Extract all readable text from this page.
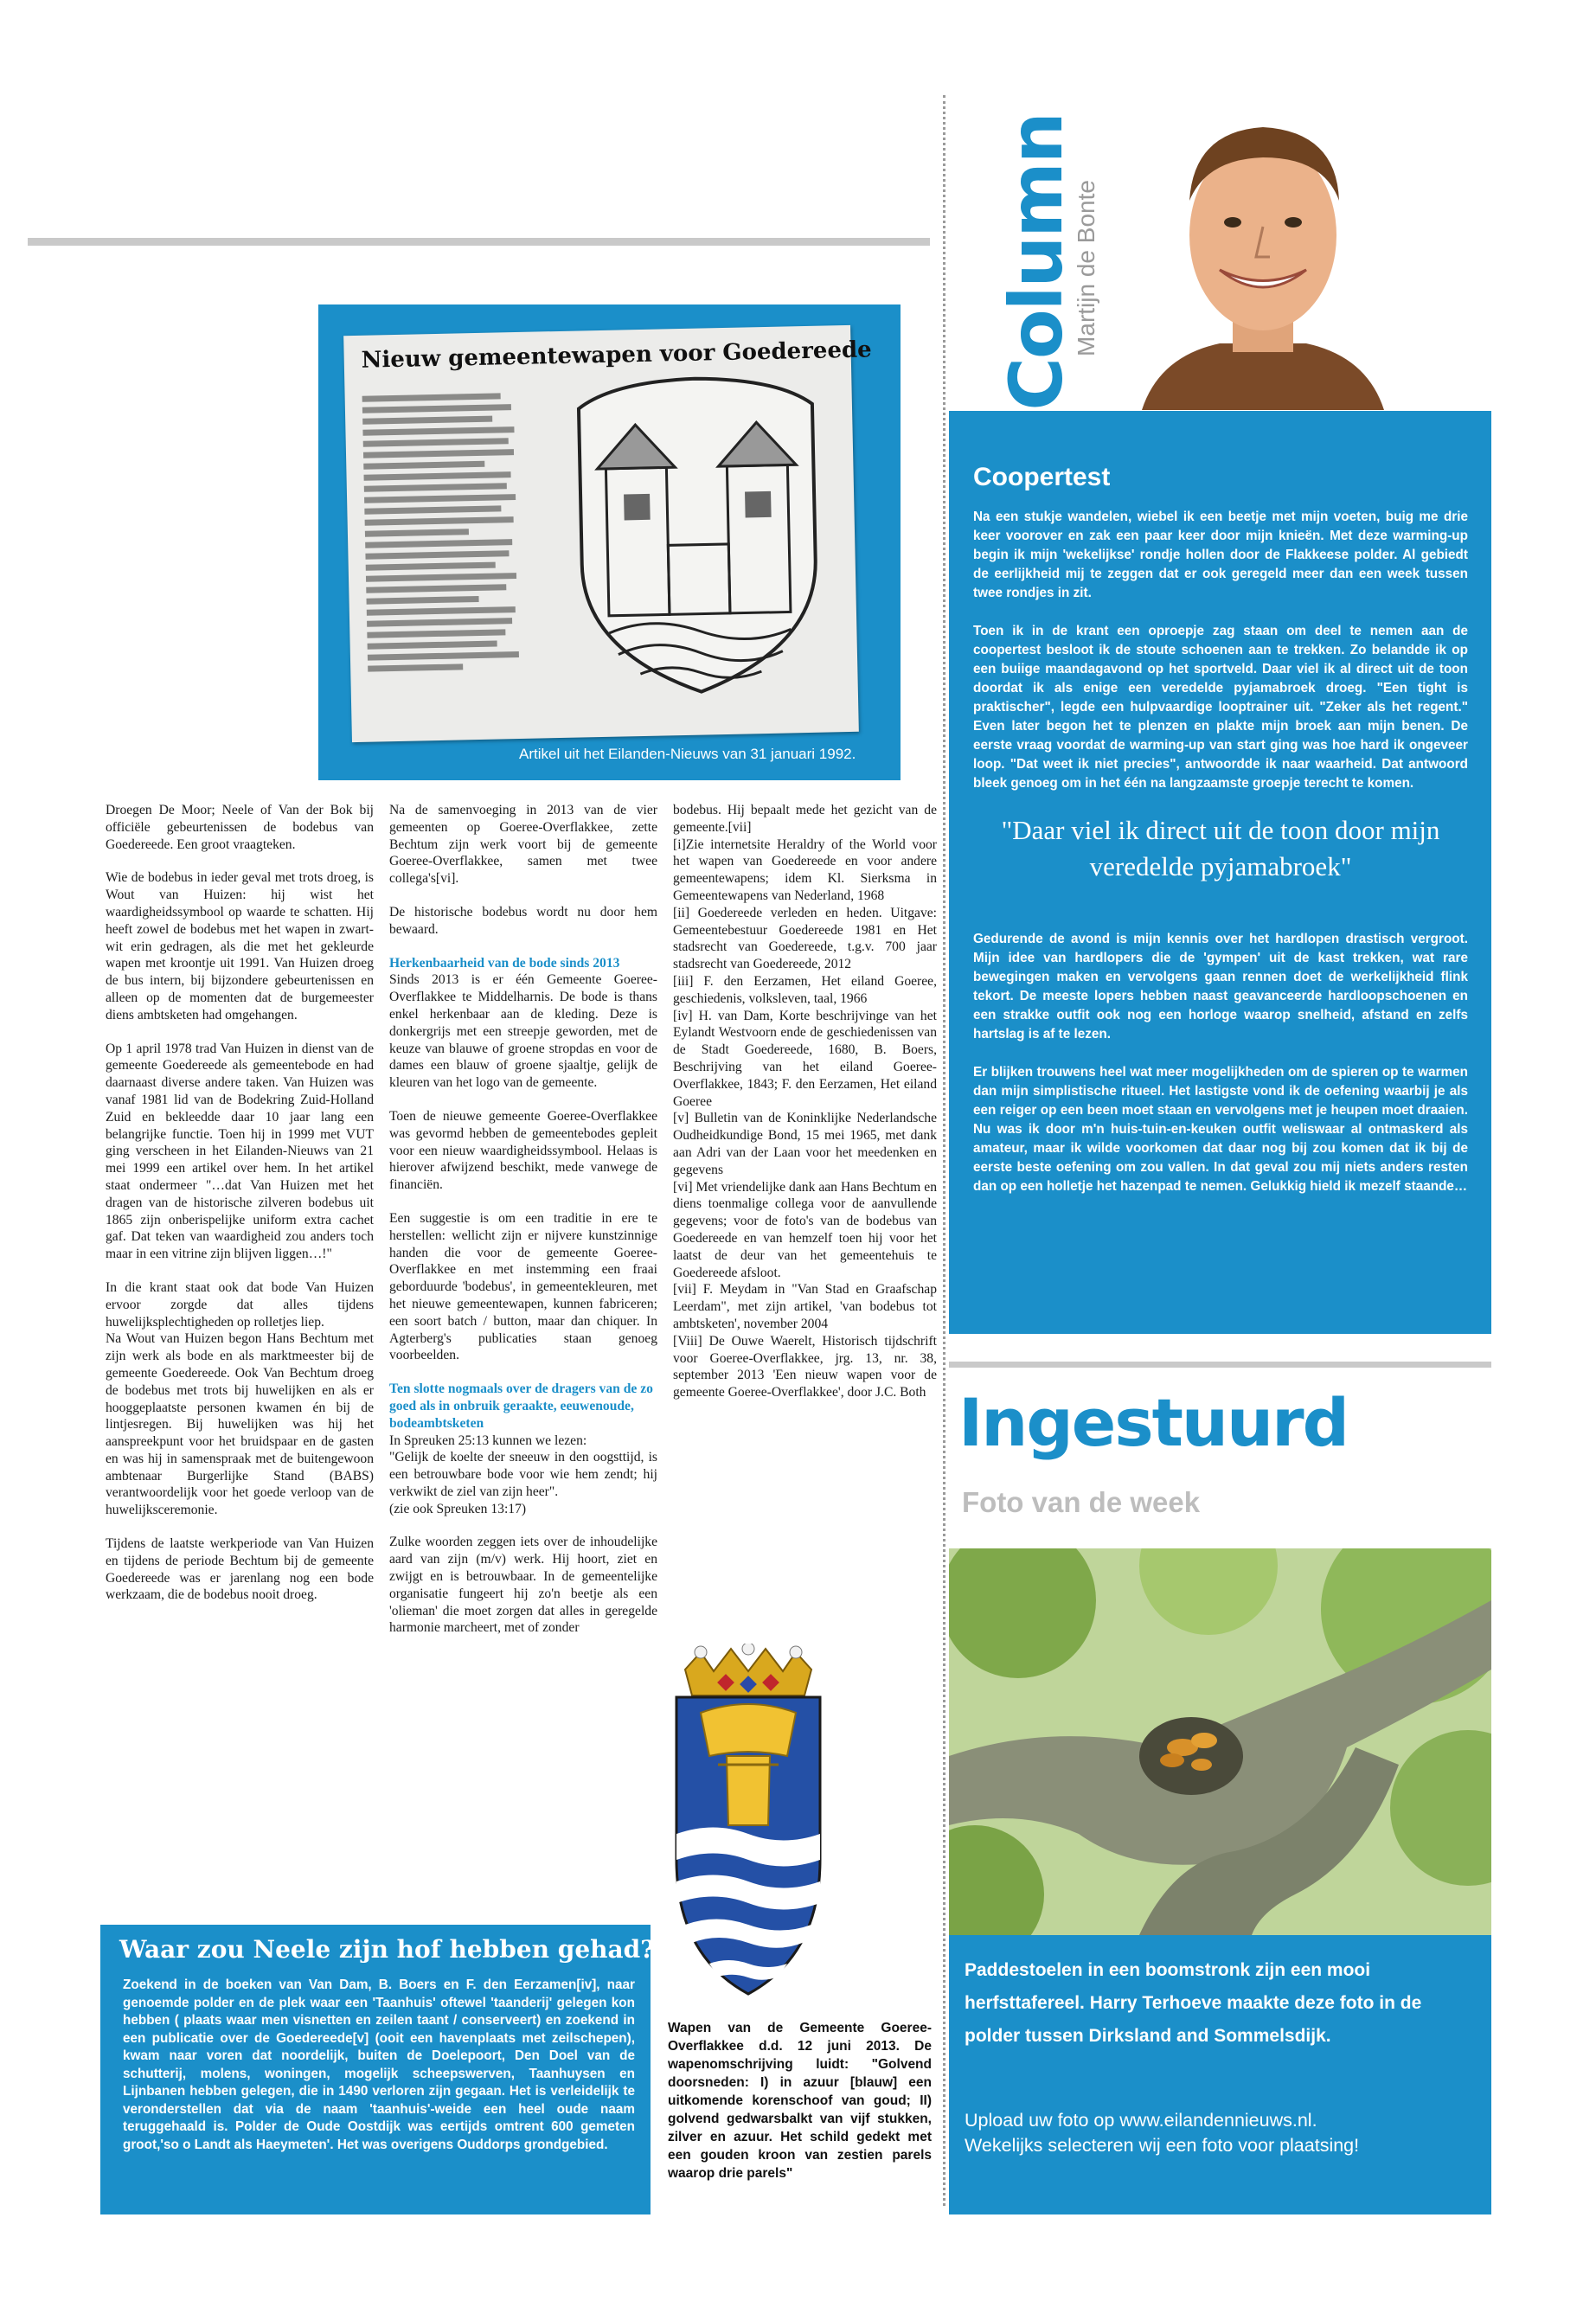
Nieuw gemeentewapen voor Goedereede
Artikel uit het Eilanden-Nieuws van 31 januari 1992.

Droegen De Moor; Neele of Van der Bok bij officiële gebeurtenissen de bodebus van Goedereede. Een groot vraagteken.

Wie de bodebus in ieder geval met trots droeg, is Wout van Huizen: hij wist het waardigheidssymbool op waarde te schatten. Hij heeft zowel de bodebus met het wapen in zwart-wit erin gedragen, als die met het gekleurde wapen met kroontje uit 1991. Van Huizen droeg de bus intern, bij bijzondere gebeurtenissen en alleen op de momenten dat de burgemeester diens ambtsketen had omgehangen.

Op 1 april 1978 trad Van Huizen in dienst van de gemeente Goedereede als gemeentebode en had daarnaast diverse andere taken. Van Huizen was vanaf 1981 lid van de Bodekring Zuid-Holland Zuid en bekleedde daar 10 jaar lang een belangrijke functie. Toen hij in 1999 met VUT ging verscheen in het Eilanden-Nieuws van 21 mei 1999 een artikel over hem. In het artikel staat ondermeer "…dat Van Huizen met het dragen van de historische zilveren bodebus uit 1865 zijn onberispelijke uniform extra cachet gaf. Dat teken van waardigheid zou anders toch maar in een vitrine zijn blijven liggen…!"

In die krant staat ook dat bode Van Huizen ervoor zorgde dat alles tijdens huwelijksplechtigheden op rolletjes liep.

Na Wout van Huizen begon Hans Bechtum met zijn werk als bode en als marktmeester bij de gemeente Goedereede. Ook Van Bechtum droeg de bodebus met trots bij huwelijken en als er hooggeplaatste personen kwamen én bij de lintjesregen. Bij huwelijken was hij het aanspreekpunt voor het bruidspaar en de gasten en was hij in samenspraak met de buitengewoon ambtenaar Burgerlijke Stand (BABS) verantwoordelijk voor het goede verloop van de huwelijksceremonie.

Tijdens de laatste werkperiode van Van Huizen en tijdens de periode Bechtum bij de gemeente Goedereede was er jarenlang nog een bode werkzaam, die de bodebus nooit droeg.

Na de samenvoeging in 2013 van de vier gemeenten op Goeree-Overflakkee, zette Bechtum zijn werk voort bij de gemeente Goeree-Overflakkee, samen met twee collega's[vi].

De historische bodebus wordt nu door hem bewaard.

Herkenbaarheid van de bode sinds 2013

Sinds 2013 is er één Gemeente Goeree-Overflakkee te Middelharnis. De bode is thans enkel herkenbaar aan de kleding. Deze is donkergrijs met een streepje geworden, met de keuze van blauwe of groene stropdas en voor de dames een blauw of groene sjaaltje, gelijk de kleuren van het logo van de gemeente.

Toen de nieuwe gemeente Goeree-Overflakkee was gevormd hebben de gemeentebodes gepleit voor een nieuw waardigheidssymbool. Helaas is hierover afwijzend beschikt, mede vanwege de financiën.

Een suggestie is om een traditie in ere te herstellen: wellicht zijn er nijvere kunstzinnige handen die voor de gemeente Goeree-Overflakkee en met instemming een fraai geborduurde 'bodebus', in gemeentekleuren, met het nieuwe gemeentewapen, kunnen fabriceren; een soort batch / button, maar dan chiquer. In Agterberg's publicaties staan genoeg voorbeelden.

Ten slotte nogmaals over de dragers van de zo goed als in onbruik geraakte, eeuwenoude, bodeambtsketen

In Spreuken 25:13 kunnen we lezen:

"Gelijk de koelte der sneeuw in den oogsttijd, is een betrouwbare bode voor wie hem zendt; hij verkwikt de ziel van zijn heer".

(zie ook Spreuken 13:17)

Zulke woorden zeggen iets over de inhoudelijke aard van zijn (m/v) werk. Hij hoort, ziet en zwijgt en is betrouwbaar. In de gemeentelijke organisatie fungeert hij zo'n beetje als een 'olieman' die moet zorgen dat alles in geregelde harmonie marcheert, met of zonder

bodebus. Hij bepaalt mede het gezicht van de gemeente.[vii]

[i]Zie internetsite Heraldry of the World voor het wapen van Goedereede en voor andere gemeentewapens; idem Kl. Sierksma in Gemeentewapens van Nederland, 1968

[ii] Goedereede verleden en heden. Uitgave: Gemeentebestuur Goedereede 1981 en Het stadsrecht van Goedereede, t.g.v. 700 jaar stadsrecht van Goedereede, 2012

[iii] F. den Eerzamen, Het eiland Goeree, geschiedenis, volksleven, taal, 1966

[iv] H. van Dam, Korte beschrijvinge van het Eylandt Westvoorn ende de geschiedenissen van de Stadt Goedereede, 1680, B. Boers, Beschrijving van het eiland Goeree-Overflakkee, 1843; F. den Eerzamen, Het eiland Goeree

[v] Bulletin van de Koninklijke Nederlandsche Oudheidkundige Bond, 15 mei 1965, met dank aan Adri van der Laan voor het meedenken en gegevens

[vi] Met vriendelijke dank aan Hans Bechtum en diens toenmalige collega voor de aanvullende gegevens; voor de foto's van de bodebus van Goedereede en van hemzelf toen hij voor het laatst de deur van het gemeentehuis te Goedereede afsloot.

[vii] F. Meydam in "Van Stad en Graafschap Leerdam", met zijn artikel, 'van bodebus tot ambtsketen', november 2004

[Viii] De Ouwe Waerelt, Historisch tijdschrift voor Goeree-Overflakkee, jrg. 13, nr. 38, september 2013 'Een nieuw wapen voor de gemeente Goeree-Overflakkee', door J.C. Both

Waar zou Neele zijn hof hebben gehad?
Zoekend in de boeken van Van Dam, B. Boers en F. den Eerzamen[iv], naar genoemde polder en de plek waar een 'Taanhuis' oftewel 'taanderij' gelegen kon hebben ( plaats waar men visnetten en zeilen taant / conserveert) en zoekend in een publicatie over de Goedereede[v] (ooit een havenplaats met zeilschepen), kwam naar voren dat noordelijk, buiten de Doelepoort, Den Doel van de schutterij, molens, woningen, mogelijk scheepswerven, Taanhuysen en Lijnbanen hebben gelegen, die in 1490 verloren zijn gegaan. Het is verleidelijk te veronderstellen dat via de naam 'taanhuis'-weide een heel oude naam teruggehaald is. Polder de Oude Oostdijk was eertijds omtrent 600 gemeten groot,'so o Landt als Haeymeten'. Het was overigens Ouddorps grondgebied.
Wapen van de Gemeente Goeree-Overflakkee d.d. 12 juni 2013. De wapenomschrijving luidt: "Golvend doorsneden: I) in azuur [blauw] een uitkomende korenschoof van goud; II) golvend gedwarsbalkt van vijf stukken, zilver en azuur. Het schild gedekt met een gouden kroon van zestien parels waarop drie parels"
Column
Martijn de Bonte
Coopertest

Na een stukje wandelen, wiebel ik een beetje met mijn voeten, buig me drie keer voorover en zak een paar keer door mijn knieën. Met deze warming-up begin ik mijn 'wekelijkse' rondje hollen door de Flakkeese polder. Al gebiedt de eerlijkheid mij te zeggen dat er ook geregeld meer dan een week tussen twee rondjes in zit.

Toen ik in de krant een oproepje zag staan om deel te nemen aan de coopertest besloot ik de stoute schoenen aan te trekken. Zo belandde ik op een buiige maandagavond op het sportveld. Daar viel ik al direct uit de toon doordat ik als enige een veredelde pyjamabroek droeg. "Een tight is praktischer", legde een hulpvaardige looptrainer uit. "Zeker als het regent." Even later begon het te plenzen en plakte mijn broek aan mijn benen. De eerste vraag voordat de warming-up van start ging was hoe hard ik ongeveer loop. "Dat weet ik niet precies", antwoordde ik naar waarheid. Dat antwoord bleek genoeg om in het één na langzaamste groepje terecht te komen.

"Daar viel ik direct uit de toon door mijn veredelde pyjamabroek"

Gedurende de avond is mijn kennis over het hardlopen drastisch vergroot. Mijn idee van hardlopers die de 'gympen' uit de kast trekken, wat rare bewegingen maken en vervolgens gaan rennen doet de werkelijkheid flink tekort. De meeste lopers hebben naast geavanceerde hardloopschoenen en een strakke outfit ook nog een horloge waarop snelheid, afstand en zelfs hartslag is af te lezen.

Er blijken trouwens heel wat meer mogelijkheden om de spieren op te warmen dan mijn simplistische ritueel. Het lastigste vond ik de oefening waarbij je als een reiger op een been moet staan en vervolgens met je heupen moet draaien. Nu was ik door m'n huis-tuin-en-keuken outfit weliswaar al ontmaskerd als amateur, maar ik wilde voorkomen dat daar nog bij zou komen dat ik bij de eerste beste oefening om zou vallen. In dat geval zou mij niets anders resten dan op een holletje het hazenpad te nemen. Gelukkig hield ik mezelf staande…

Ingestuurd
Foto van de week
Paddestoelen in een boomstronk zijn een mooi herfsttafereel. Harry Terhoeve maakte deze foto in de polder tussen Dirksland and Sommelsdijk.
Upload uw foto op www.eilandennieuws.nl.
Wekelijks selecteren wij een foto voor plaatsing!
